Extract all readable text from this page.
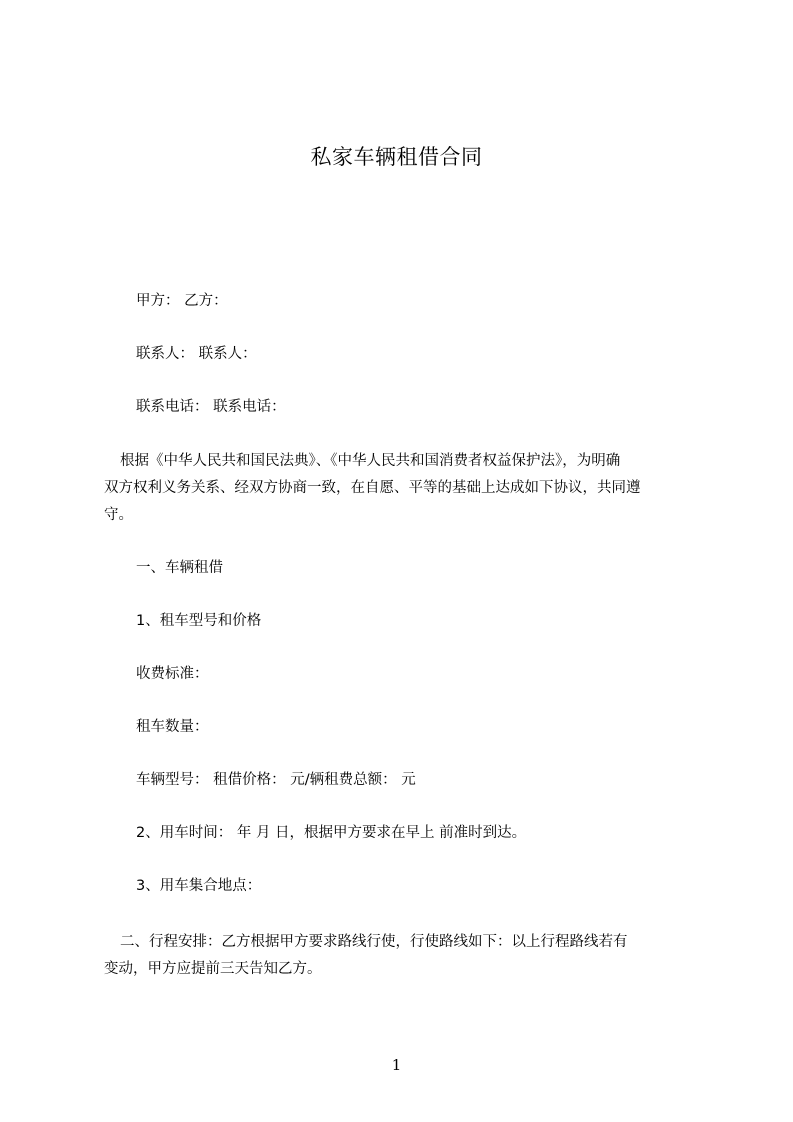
私家车辆租借合同
甲方： 乙方：
联系人： 联系人：
联系电话： 联系电话：
根据《中华人民共和国民法典》、《中华人民共和国消费者权益保护法》，为明确
双方权利义务关系、经双方协商一致，在自愿、平等的基础上达成如下协议，共同遵
守。
一、车辆租借
1、租车型号和价格
收费标准：
租车数量：
车辆型号： 租借价格： 元/辆租费总额： 元
2、用车时间： 年 月 日，根据甲方要求在早上 前准时到达。
3、用车集合地点：
二、行程安排：乙方根据甲方要求路线行使，行使路线如下：以上行程路线若有
变动，甲方应提前三天告知乙方。
1
